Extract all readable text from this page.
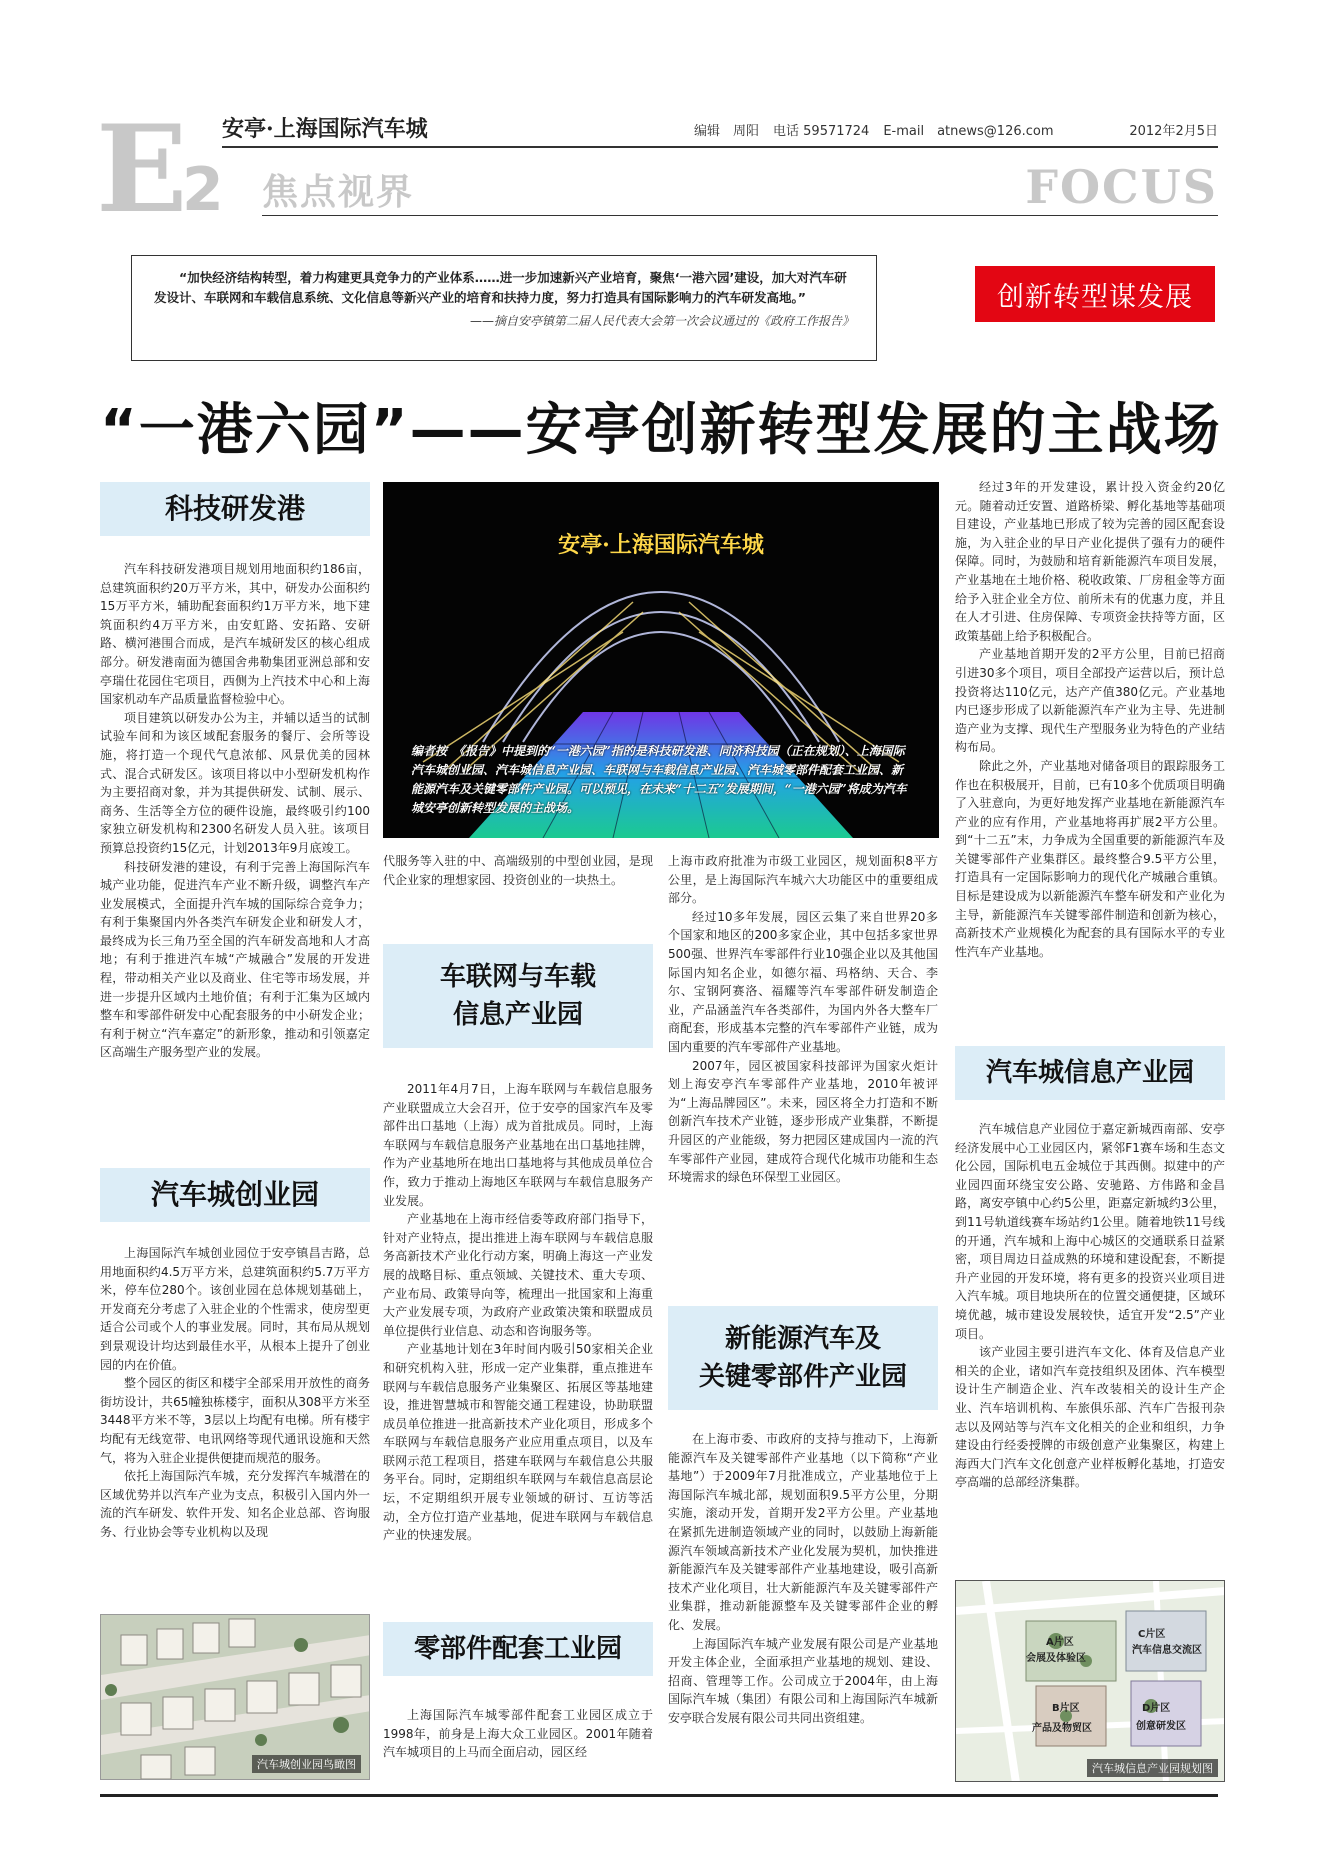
E
2
安亭·上海国际汽车城	编辑　周阳 电话 59571724 E-mail　atnews@126.com	2012年2月5日
焦点视界	FOCUS
“加快经济结构转型，着力构建更具竞争力的产业体系……进一步加速新兴产业培育，聚焦‘一港六园’建设，加大对汽车研发设计、车联网和车载信息系统、文化信息等新兴产业的培育和扶持力度，努力打造具有国际影响力的汽车研发高地。”
——摘自安亭镇第二届人民代表大会第一次会议通过的《政府工作报告》
创新转型谋发展
“一港六园”——安亭创新转型发展的主战场
科技研发港

汽车科技研发港项目规划用地面积约186亩，总建筑面积约20万平方米，其中，研发办公面积约15万平方米，辅助配套面积约1万平方米，地下建筑面积约4万平方米，由安虹路、安拓路、安研路、横河港围合而成，是汽车城研发区的核心组成部分。研发港南面为德国舍弗勒集团亚洲总部和安亭瑞仕花园住宅项目，西侧为上汽技术中心和上海国家机动车产品质量监督检验中心。

项目建筑以研发办公为主，并辅以适当的试制试验车间和为该区域配套服务的餐厅、会所等设施，将打造一个现代气息浓郁、风景优美的园林式、混合式研发区。该项目将以中小型研发机构作为主要招商对象，并为其提供研发、试制、展示、商务、生活等全方位的硬件设施，最终吸引约100家独立研发机构和2300名研发人员入驻。该项目预算总投资约15亿元，计划2013年9月底竣工。

科技研发港的建设，有利于完善上海国际汽车城产业功能，促进汽车产业不断升级，调整汽车产业发展模式，全面提升汽车城的国际综合竞争力；有利于集聚国内外各类汽车研发企业和研发人才，最终成为长三角乃至全国的汽车研发高地和人才高地；有利于推进汽车城“产城融合”发展的开发进程，带动相关产业以及商业、住宅等市场发展，并进一步提升区域内土地价值；有利于汇集为区域内整车和零部件研发中心配套服务的中小研发企业；有利于树立“汽车嘉定”的新形象，推动和引领嘉定区高端生产服务型产业的发展。

汽车城创业园

上海国际汽车城创业园位于安亭镇昌吉路，总用地面积约4.5万平方米，总建筑面积约5.7万平方米，停车位280个。该创业园在总体规划基础上，开发商充分考虑了入驻企业的个性需求，使房型更适合公司或个人的事业发展。同时，其布局从规划到景观设计均达到最佳水平，从根本上提升了创业园的内在价值。

整个园区的街区和楼宇全部采用开放性的商务街坊设计，共65幢独栋楼宇，面积从308平方米至3448平方米不等，3层以上均配有电梯。所有楼宇均配有无线宽带、电讯网络等现代通讯设施和天然气，将为入驻企业提供便捷而规范的服务。

依托上海国际汽车城，充分发挥汽车城潜在的区域优势并以汽车产业为支点，积极引入国内外一流的汽车研发、软件开发、知名企业总部、咨询服务、行业协会等专业机构以及现

汽车城创业园鸟瞰图
安亭·上海国际汽车城
编者按　《报告》中提到的“一港六园”指的是科技研发港、同济科技园（正在规划）、上海国际汽车城创业园、汽车城信息产业园、车联网与车载信息产业园、汽车城零部件配套工业园、新能源汽车及关键零部件产业园。可以预见，在未来“十二五”发展期间，“一港六园”将成为汽车城安亭创新转型发展的主战场。

代服务等入驻的中、高端级别的中型创业园，是现代企业家的理想家园、投资创业的一块热土。

车联网与车载
信息产业园

2011年4月7日，上海车联网与车载信息服务产业联盟成立大会召开，位于安亭的国家汽车及零部件出口基地（上海）成为首批成员。同时，上海车联网与车载信息服务产业基地在出口基地挂牌，作为产业基地所在地出口基地将与其他成员单位合作，致力于推动上海地区车联网与车载信息服务产业发展。

产业基地在上海市经信委等政府部门指导下，针对产业特点，提出推进上海车联网与车载信息服务高新技术产业化行动方案，明确上海这一产业发展的战略目标、重点领域、关键技术、重大专项、产业布局、政策导向等，梳理出一批国家和上海重大产业发展专项，为政府产业政策决策和联盟成员单位提供行业信息、动态和咨询服务等。

产业基地计划在3年时间内吸引50家相关企业和研究机构入驻，形成一定产业集群，重点推进车联网与车载信息服务产业集聚区、拓展区等基地建设，推进智慧城市和智能交通工程建设，协助联盟成员单位推进一批高新技术产业化项目，形成多个车联网与车载信息服务产业应用重点项目，以及车联网示范工程项目，搭建车联网与车载信息公共服务平台。同时，定期组织车联网与车载信息高层论坛，不定期组织开展专业领域的研讨、互访等活动，全方位打造产业基地，促进车联网与车载信息产业的快速发展。

零部件配套工业园

上海国际汽车城零部件配套工业园区成立于1998年，前身是上海大众工业园区。2001年随着汽车城项目的上马而全面启动，园区经

上海市政府批准为市级工业园区，规划面积8平方公里，是上海国际汽车城六大功能区中的重要组成部分。

经过10多年发展，园区云集了来自世界20多个国家和地区的200多家企业，其中包括多家世界500强、世界汽车零部件行业10强企业以及其他国际国内知名企业，如德尔福、玛格纳、天合、李尔、宝钢阿赛洛、福耀等汽车零部件研发制造企业，产品涵盖汽车各类部件，为国内外各大整车厂商配套，形成基本完整的汽车零部件产业链，成为国内重要的汽车零部件产业基地。

2007年，园区被国家科技部评为国家火炬计划上海安亭汽车零部件产业基地，2010年被评为“上海品牌园区”。未来，园区将全力打造和不断创新汽车技术产业链，逐步形成产业集群，不断提升园区的产业能级，努力把园区建成国内一流的汽车零部件产业园，建成符合现代化城市功能和生态环境需求的绿色环保型工业园区。

新能源汽车及
关键零部件产业园

在上海市委、市政府的支持与推动下，上海新能源汽车及关键零部件产业基地（以下简称“产业基地”）于2009年7月批准成立，产业基地位于上海国际汽车城北部，规划面积9.5平方公里，分期实施，滚动开发，首期开发2平方公里。产业基地在紧抓先进制造领域产业的同时，以鼓励上海新能源汽车领域高新技术产业化发展为契机，加快推进新能源汽车及关键零部件产业基地建设，吸引高新技术产业化项目，壮大新能源汽车及关键零部件产业集群，推动新能源整车及关键零部件企业的孵化、发展。

上海国际汽车城产业发展有限公司是产业基地开发主体企业，全面承担产业基地的规划、建设、招商、管理等工作。公司成立于2004年，由上海国际汽车城（集团）有限公司和上海国际汽车城新安亭联合发展有限公司共同出资组建。

经过3年的开发建设，累计投入资金约20亿元。随着动迁安置、道路桥梁、孵化基地等基础项目建设，产业基地已形成了较为完善的园区配套设施，为入驻企业的早日产业化提供了强有力的硬件保障。同时，为鼓励和培育新能源汽车项目发展，产业基地在土地价格、税收政策、厂房租金等方面给予入驻企业全方位、前所未有的优惠力度，并且在人才引进、住房保障、专项资金扶持等方面，区政策基础上给予积极配合。

产业基地首期开发的2平方公里，目前已招商引进30多个项目，项目全部投产运营以后，预计总投资将达110亿元，达产产值380亿元。产业基地内已逐步形成了以新能源汽车产业为主导、先进制造产业为支撑、现代生产型服务业为特色的产业结构布局。

除此之外，产业基地对储备项目的跟踪服务工作也在积极展开，目前，已有10多个优质项目明确了入驻意向，为更好地发挥产业基地在新能源汽车产业的应有作用，产业基地将再扩展2平方公里。到“十二五”末，力争成为全国重要的新能源汽车及关键零部件产业集群区。最终整合9.5平方公里，打造具有一定国际影响力的现代化产城融合重镇。目标是建设成为以新能源汽车整车研发和产业化为主导，新能源汽车关键零部件制造和创新为核心，高新技术产业规模化为配套的具有国际水平的专业性汽车产业基地。

汽车城信息产业园

汽车城信息产业园位于嘉定新城西南部、安亭经济发展中心工业园区内，紧邻F1赛车场和生态文化公园，国际机电五金城位于其西侧。拟建中的产业园四面环绕宝安公路、安驰路、方伟路和金昌路，离安亭镇中心约5公里，距嘉定新城约3公里，到11号轨道线赛车场站约1公里。随着地铁11号线的开通，汽车城和上海中心城区的交通联系日益紧密，项目周边日益成熟的环境和建设配套，不断提升产业园的开发环境，将有更多的投资兴业项目进入汽车城。项目地块所在的位置交通便捷，区域环境优越，城市建设发展较快，适宜开发“2.5”产业项目。

该产业园主要引进汽车文化、体育及信息产业相关的企业，诸如汽车竞技组织及团体、汽车模型设计生产制造企业、汽车改装相关的设计生产企业、汽车培训机构、车旅俱乐部、汽车广告报刊杂志以及网站等与汽车文化相关的企业和组织，力争建设由行经委授牌的市级创意产业集聚区，构建上海西大门汽车文化创意产业样板孵化基地，打造安亭高端的总部经济集群。

A片区
会展及体验区
C片区
汽车信息交流区
B片区
产品及物贸区
D片区
创意研发区
汽车城信息产业园规划图
